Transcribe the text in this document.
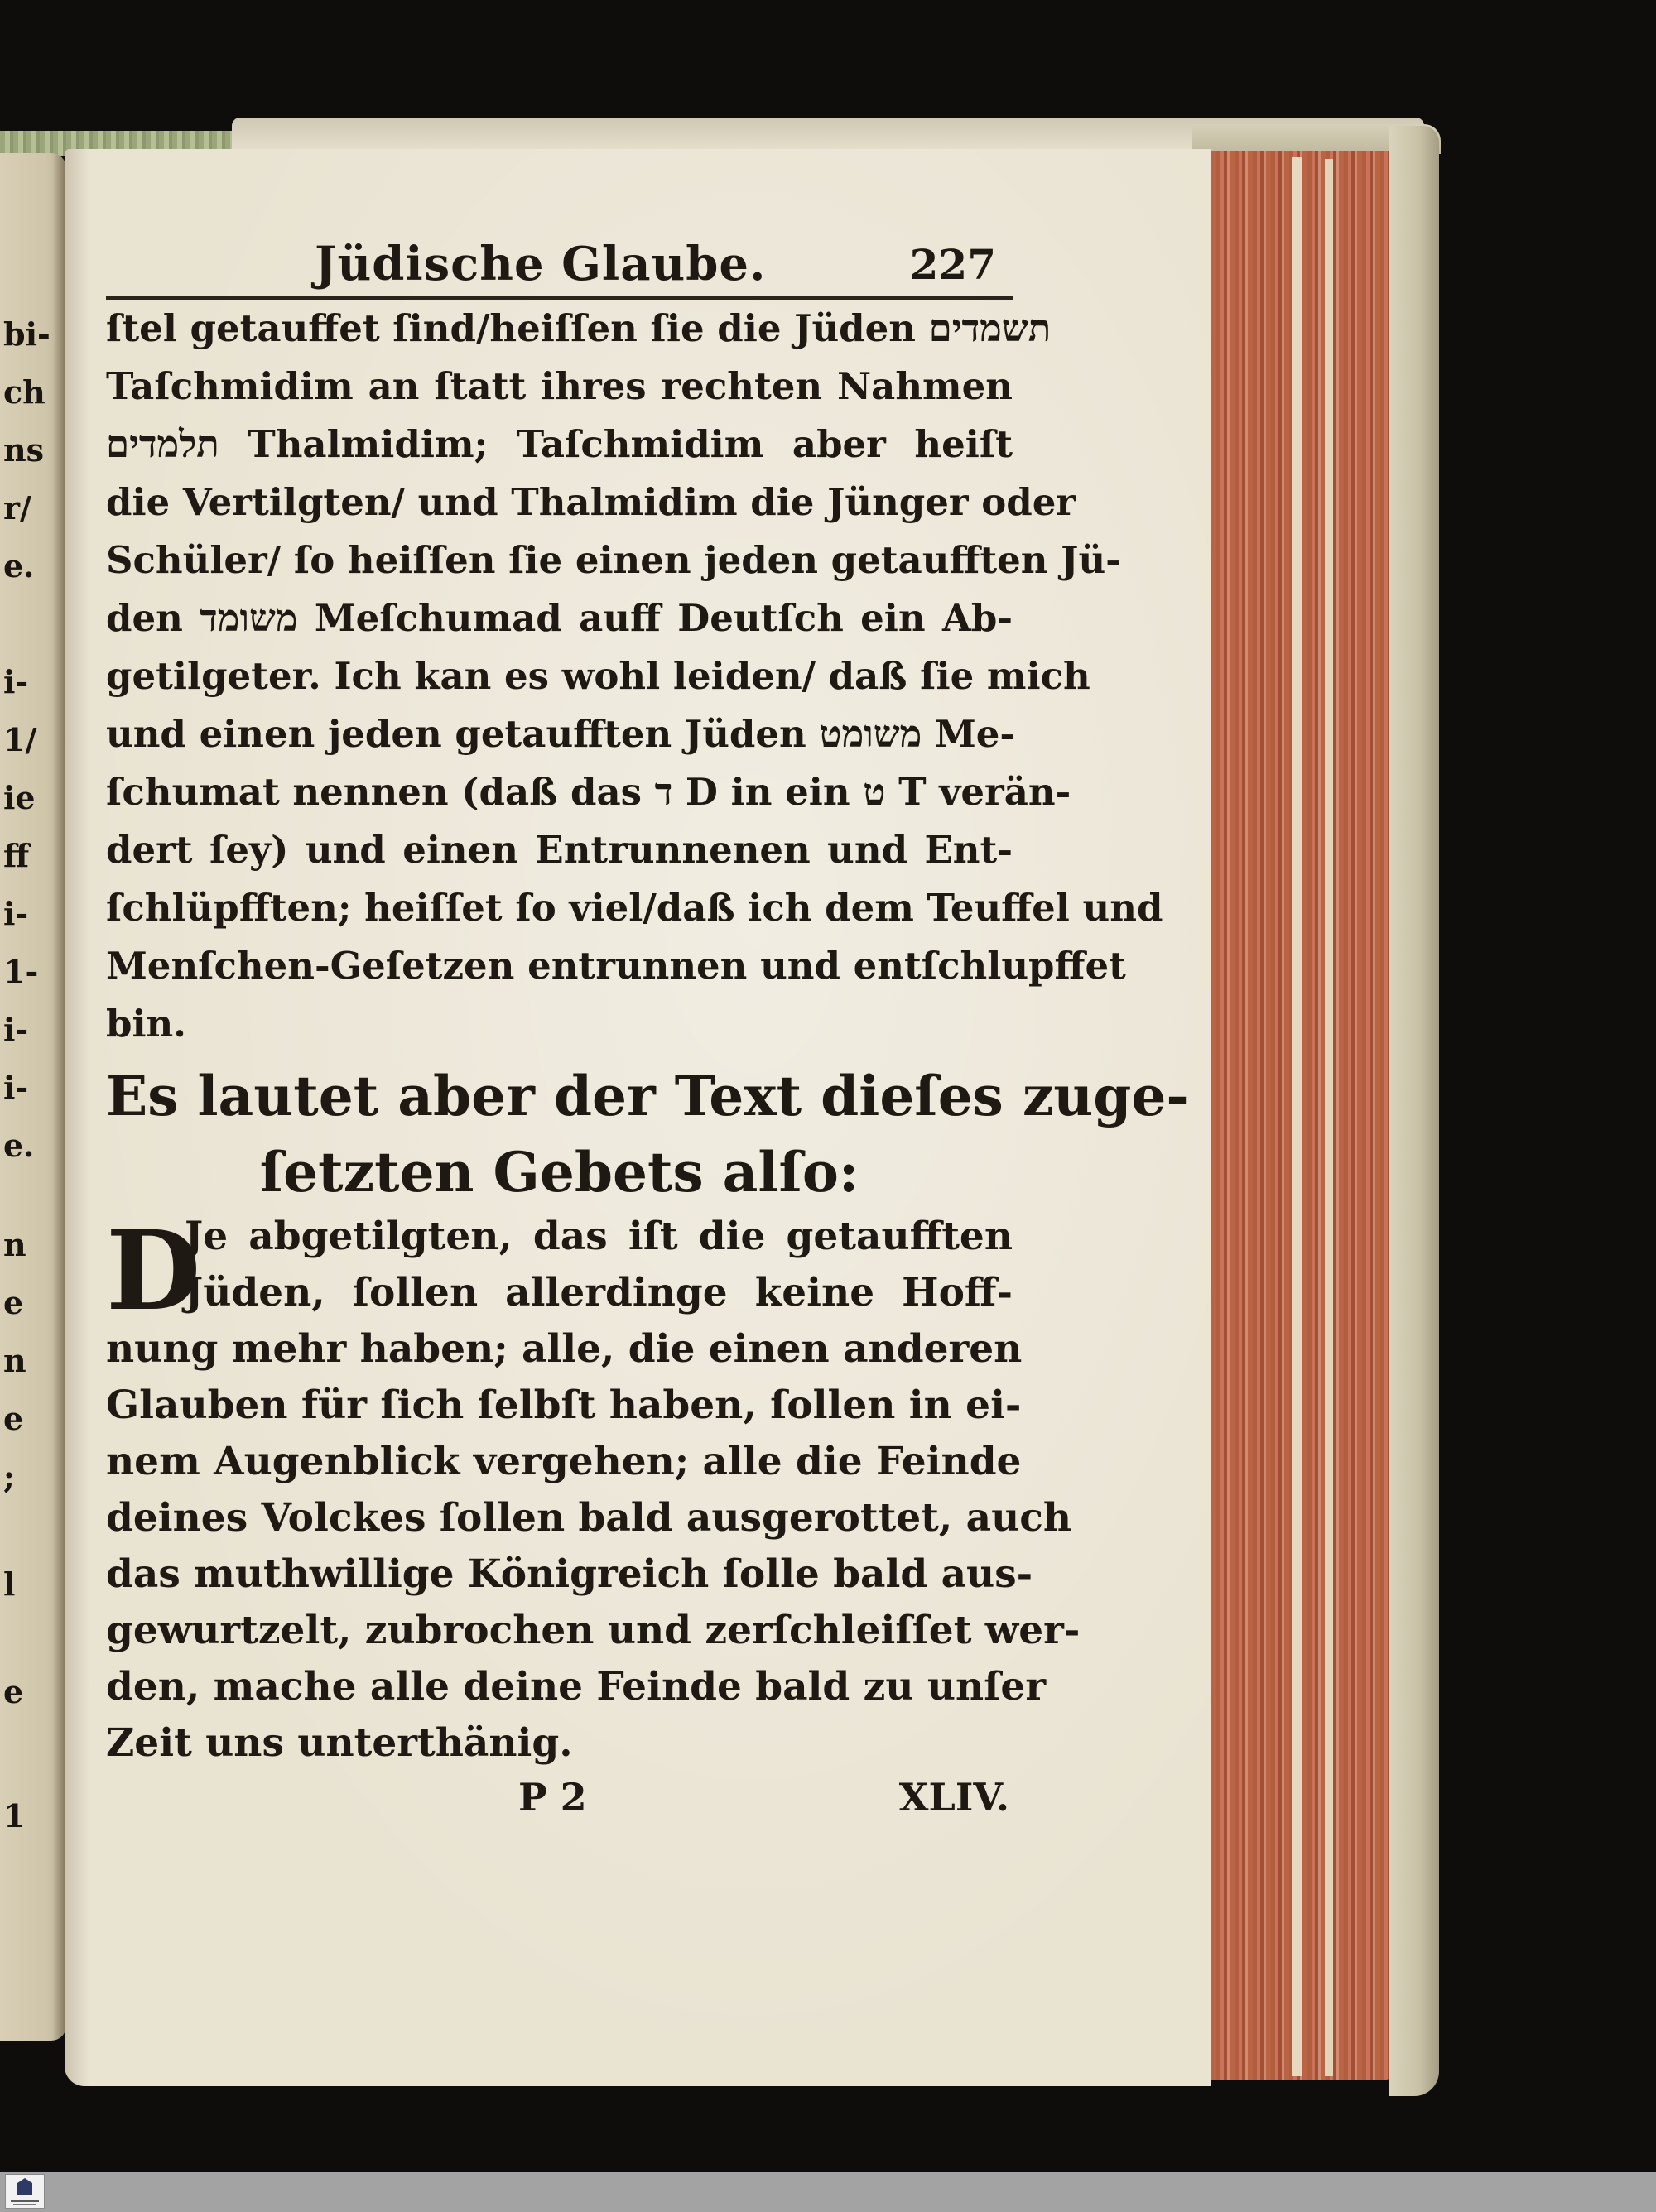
bi-
ch
ns
r/
e.
i-
1/
ie
ff
i-
1-
i-
i-
e.
n
e
n
e
;
l
e
1
Jüdische Glaube.	227
ſtel getauffet ſind/heiſſen ſie die Jüden תשמדים
Taſchmidim an ſtatt ihres rechten Nahmen
תלמדים Thalmidim; Taſchmidim aber heiſt
die Vertilgten/ und Thalmidim die Jünger oder
Schüler/ ſo heiſſen ſie einen jeden getaufften Jü-
den משומד Meſchumad auff Deutſch ein Ab-
getilgeter. Ich kan es wohl leiden/ daß ſie mich
und einen jeden getaufften Jüden משומט Me-
ſchumat nennen (daß das ד D in ein ט T verän-
dert ſey) und einen Entrunnenen und Ent-
ſchlüpfften; heiſſet ſo viel/daß ich dem Teuffel und
Menſchen-Geſetzen entrunnen und entſchlupffet
bin.
Es lautet aber der Text dieſes zuge-
ſetzten Gebets alſo:
D
Je abgetilgten, das iſt die getaufften
Jüden, ſollen allerdinge keine Hoff-
nung mehr haben; alle, die einen anderen
Glauben für ſich ſelbſt haben, ſollen in ei-
nem Augenblick vergehen; alle die Feinde
deines Volckes ſollen bald ausgerottet, auch
das muthwillige Königreich ſolle bald aus-
gewurtzelt, zubrochen und zerſchleiſſet wer-
den, mache alle deine Feinde bald zu unſer
Zeit uns unterthänig.
P 2	XLIV.
